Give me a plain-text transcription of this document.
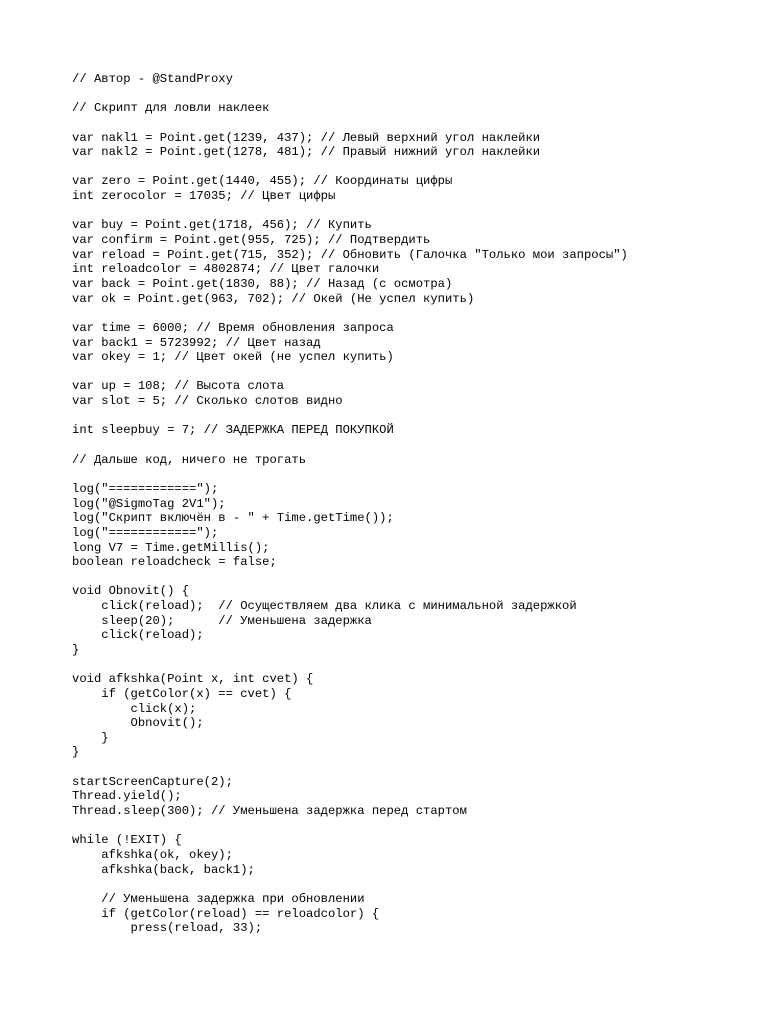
// Автор - @StandProxy
// Скрипт для ловли наклеек
var nakl1 = Point.get(1239, 437); // Левый верхний угол наклейки
var nakl2 = Point.get(1278, 481); // Правый нижний угол наклейки
var zero = Point.get(1440, 455); // Координаты цифры
int zerocolor = 17035; // Цвет цифры
var buy = Point.get(1718, 456); // Купить
var confirm = Point.get(955, 725); // Подтвердить
var reload = Point.get(715, 352); // Обновить (Галочка "Только мои запросы")
int reloadcolor = 4802874; // Цвет галочки
var back = Point.get(1830, 88); // Назад (с осмотра)
var ok = Point.get(963, 702); // Окей (Не успел купить)
var time = 6000; // Время обновления запроса
var back1 = 5723992; // Цвет назад
var okey = 1; // Цвет окей (не успел купить)
var up = 108; // Высота слота
var slot = 5; // Сколько слотов видно
int sleepbuy = 7; // ЗАДЕРЖКА ПЕРЕД ПОКУПКОЙ
// Дальше код, ничего не трогать
log("============");
log("@SigmoTag 2V1");
log("Скрипт включён в - " + Time.getTime());
log("============");
long V7 = Time.getMillis();
boolean reloadcheck = false;
void Obnovit() {
click(reload);  // Осуществляем два клика с минимальной задержкой
sleep(20);      // Уменьшена задержка
click(reload);
}
void afkshka(Point x, int cvet) {
if (getColor(x) == cvet) {
click(x);
Obnovit();
}
}
startScreenCapture(2);
Thread.yield();
Thread.sleep(300); // Уменьшена задержка перед стартом
while (!EXIT) {
afkshka(ok, okey);
afkshka(back, back1);
// Уменьшена задержка при обновлении
if (getColor(reload) == reloadcolor) {
press(reload, 33);
